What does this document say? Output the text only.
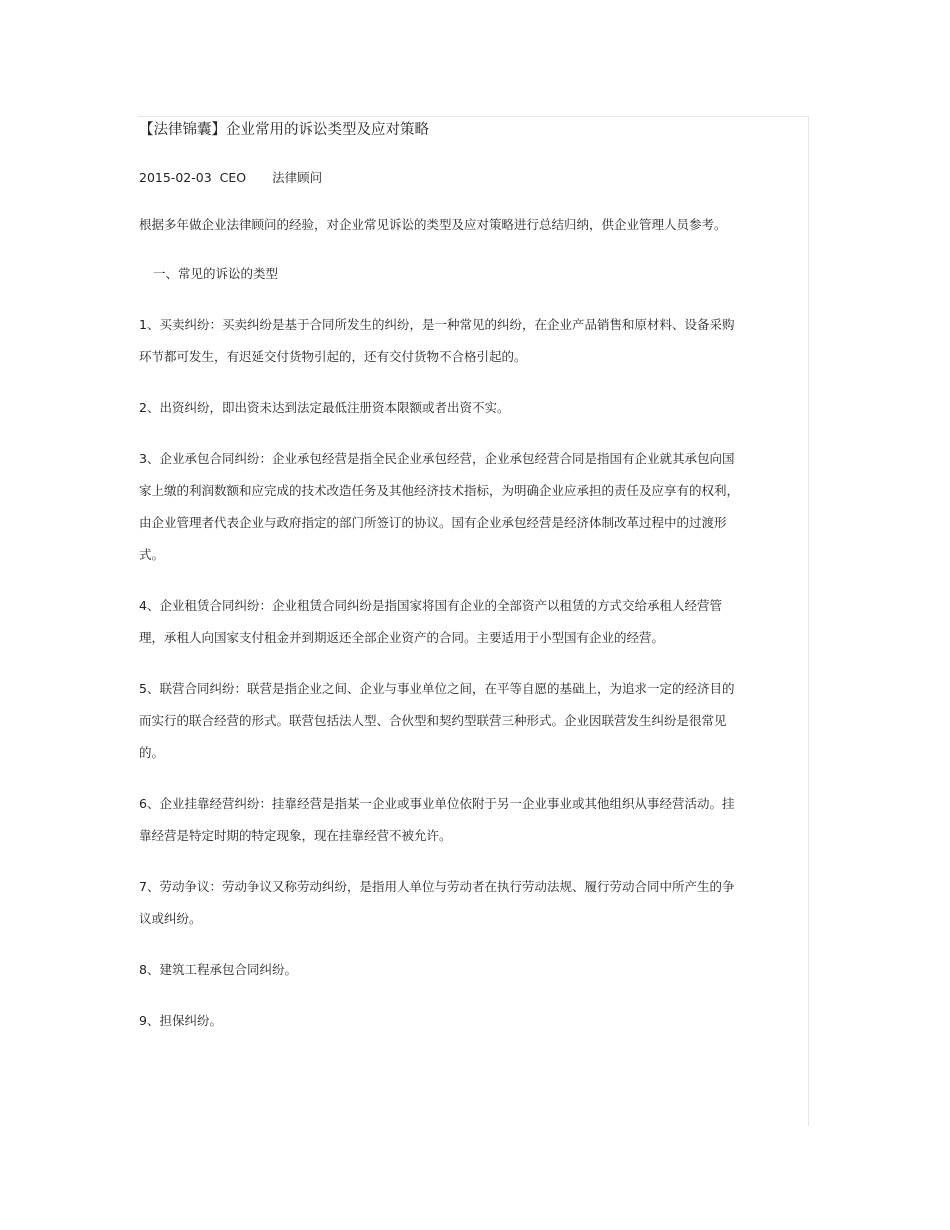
【法律锦囊】企业常用的诉讼类型及应对策略
2015-02-03 CEO 法律顾问

根据多年做企业法律顾问的经验，对企业常见诉讼的类型及应对策略进行总结归纳，供企业管理人员参考。

一、常见的诉讼的类型

1、买卖纠纷：买卖纠纷是基于合同所发生的纠纷，是一种常见的纠纷，在企业产品销售和原材料、设备采购环节都可发生，有迟延交付货物引起的，还有交付货物不合格引起的。

2、出资纠纷，即出资未达到法定最低注册资本限额或者出资不实。

3、企业承包合同纠纷：企业承包经营是指全民企业承包经营，企业承包经营合同是指国有企业就其承包向国家上缴的利润数额和应完成的技术改造任务及其他经济技术指标，为明确企业应承担的责任及应享有的权利，由企业管理者代表企业与政府指定的部门所签订的协议。国有企业承包经营是经济体制改革过程中的过渡形式。

4、企业租赁合同纠纷：企业租赁合同纠纷是指国家将国有企业的全部资产以租赁的方式交给承租人经营管理，承租人向国家支付租金并到期返还全部企业资产的合同。主要适用于小型国有企业的经营。

5、联营合同纠纷：联营是指企业之间、企业与事业单位之间，在平等自愿的基础上，为追求一定的经济目的而实行的联合经营的形式。联营包括法人型、合伙型和契约型联营三种形式。企业因联营发生纠纷是很常见的。

6、企业挂靠经营纠纷：挂靠经营是指某一企业或事业单位依附于另一企业事业或其他组织从事经营活动。挂靠经营是特定时期的特定现象，现在挂靠经营不被允许。

7、劳动争议：劳动争议又称劳动纠纷，是指用人单位与劳动者在执行劳动法规、履行劳动合同中所产生的争议或纠纷。

8、建筑工程承包合同纠纷。

9、担保纠纷。
